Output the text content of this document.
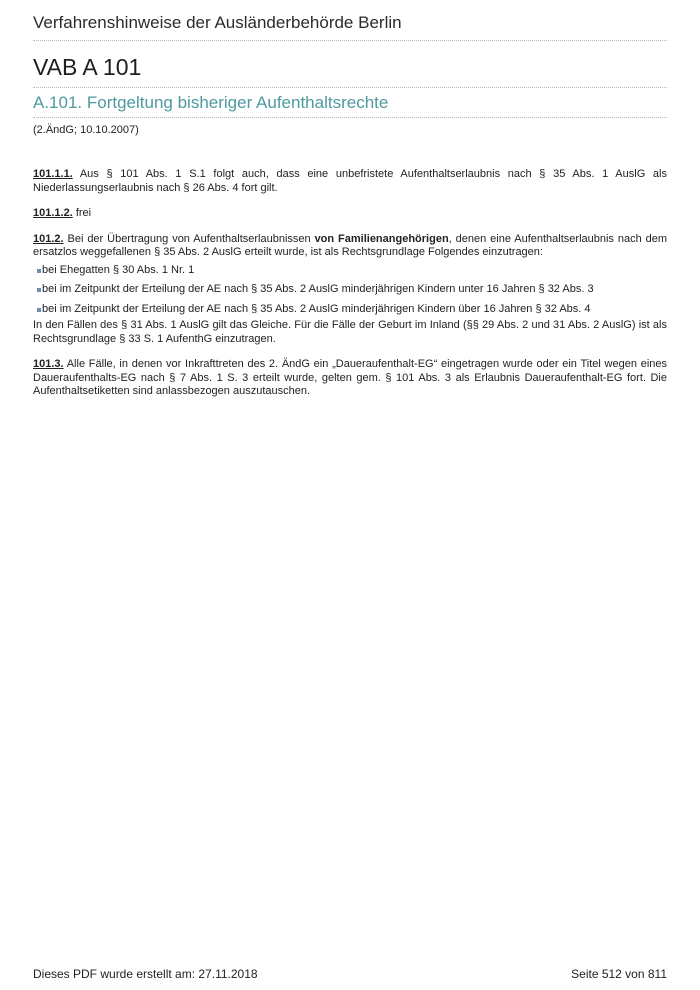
Verfahrenshinweise der Ausländerbehörde Berlin
VAB A 101
A.101. Fortgeltung bisheriger Aufenthaltsrechte
(2.ÄndG; 10.10.2007)

101.1.1. Aus § 101 Abs. 1 S.1 folgt auch, dass eine unbefristete Aufenthaltserlaubnis nach § 35 Abs. 1 AuslG als Niederlassungserlaubnis nach § 26 Abs. 4 fort gilt.

101.1.2. frei

101.2. Bei der Übertragung von Aufenthaltserlaubnissen von Familienangehörigen, denen eine Aufenthaltserlaubnis nach dem ersatzlos weggefallenen § 35 Abs. 2 AuslG erteilt wurde, ist als Rechtsgrundlage Folgendes einzutragen:
bei Ehegatten § 30 Abs. 1 Nr. 1
bei im Zeitpunkt der Erteilung der AE nach § 35 Abs. 2 AuslG minderjährigen Kindern unter 16 Jahren § 32 Abs. 3
bei im Zeitpunkt der Erteilung der AE nach § 35 Abs. 2 AuslG minderjährigen Kindern über 16 Jahren § 32 Abs. 4
In den Fällen des § 31 Abs. 1 AuslG gilt das Gleiche. Für die Fälle der Geburt im Inland (§§ 29 Abs. 2 und 31 Abs. 2 AuslG) ist als Rechtsgrundlage § 33 S. 1 AufenthG einzutragen.

101.3. Alle Fälle, in denen vor Inkrafttreten des 2. ÄndG ein „Daueraufenthalt-EG“ eingetragen wurde oder ein Titel wegen eines Daueraufenthalts-EG nach § 7 Abs. 1 S. 3 erteilt wurde, gelten gem. § 101 Abs. 3 als Erlaubnis Daueraufenthalt-EG fort. Die Aufenthaltsetiketten sind anlassbezogen auszutauschen.

Dieses PDF wurde erstellt am: 27.11.2018	Seite 512 von 811
